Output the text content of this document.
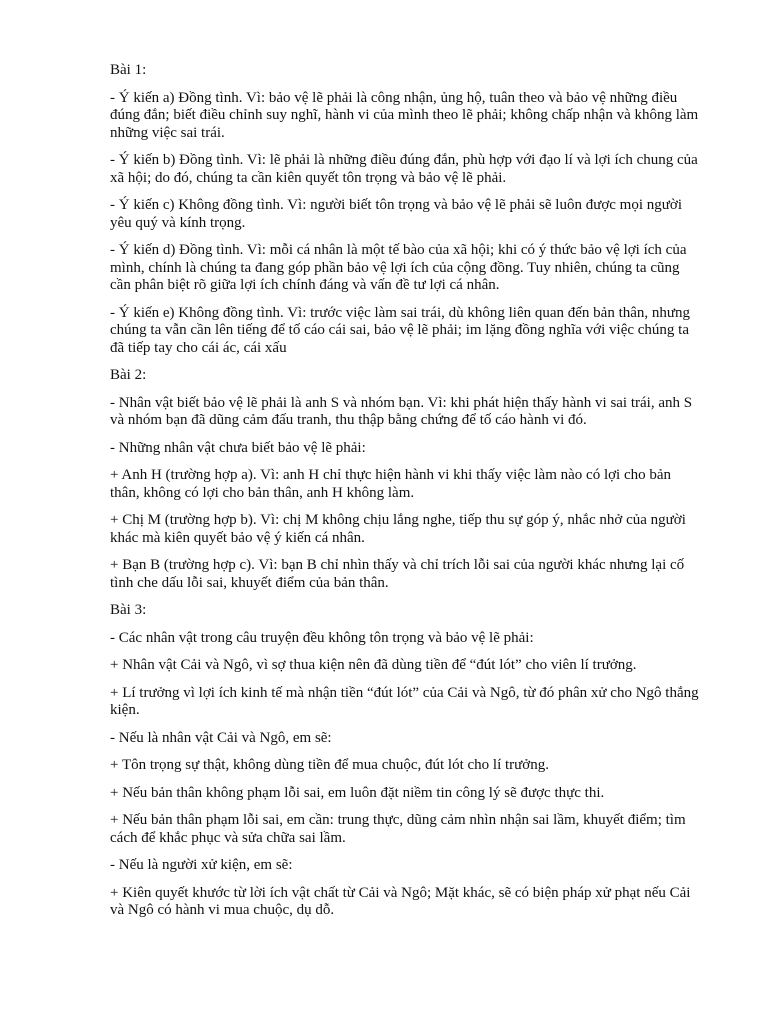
Bài 1:

- Ý kiến a) Đồng tình. Vì: bảo vệ lẽ phải là công nhận, ủng hộ, tuân theo và bảo vệ những điều đúng đắn; biết điều chỉnh suy nghĩ, hành vi của mình theo lẽ phải; không chấp nhận và không làm những việc sai trái.

- Ý kiến b) Đồng tình. Vì: lẽ phải là những điều đúng đắn, phù hợp với đạo lí và lợi ích chung của xã hội; do đó, chúng ta cần kiên quyết tôn trọng và bảo vệ lẽ phải.

- Ý kiến c) Không đồng tình. Vì: người biết tôn trọng và bảo vệ lẽ phải sẽ luôn được mọi người yêu quý và kính trọng.

- Ý kiến d) Đồng tình. Vì: mỗi cá nhân là một tế bào của xã hội; khi có ý thức bảo vệ lợi ích của mình, chính là chúng ta đang góp phần bảo vệ lợi ích của cộng đồng. Tuy nhiên, chúng ta cũng cần phân biệt rõ giữa lợi ích chính đáng và vấn đề tư lợi cá nhân.

- Ý kiến e) Không đồng tình. Vì: trước việc làm sai trái, dù không liên quan đến bản thân, nhưng chúng ta vẫn cần lên tiếng để tố cáo cái sai, bảo vệ lẽ phải; im lặng đồng nghĩa với việc chúng ta đã tiếp tay cho cái ác, cái xấu

Bài 2:

- Nhân vật biết bảo vệ lẽ phải là anh S và nhóm bạn. Vì: khi phát hiện thấy hành vi sai trái, anh S và nhóm bạn đã dũng cảm đấu tranh, thu thập bằng chứng để tố cáo hành vi đó.

- Những nhân vật chưa biết bảo vệ lẽ phải:

+ Anh H (trường hợp a). Vì: anh H chỉ thực hiện hành vi khi thấy việc làm nào có lợi cho bản thân, không có lợi cho bản thân, anh H không làm.

+ Chị M (trường hợp b). Vì: chị M không chịu lắng nghe, tiếp thu sự góp ý, nhắc nhở của người khác mà kiên quyết bảo vệ ý kiến cá nhân.

+ Bạn B (trường hợp c). Vì: bạn B chỉ nhìn thấy và chỉ trích lỗi sai của người khác nhưng lại cố tình che dấu lỗi sai, khuyết điểm của bản thân.

Bài 3:

- Các nhân vật trong câu truyện đều không tôn trọng và bảo vệ lẽ phải:

+ Nhân vật Cải và Ngô, vì sợ thua kiện nên đã dùng tiền để “đút lót” cho viên lí trưởng.

+ Lí trưởng vì lợi ích kinh tế mà nhận tiền “đút lót” của Cải và Ngô, từ đó phân xử cho Ngô thắng kiện.

- Nếu là nhân vật Cải và Ngô, em sẽ:

+ Tôn trọng sự thật, không dùng tiền để mua chuộc, đút lót cho lí trưởng.

+ Nếu bản thân không phạm lỗi sai, em luôn đặt niềm tin công lý sẽ được thực thi.

+ Nếu bản thân phạm lỗi sai, em cần: trung thực, dũng cảm nhìn nhận sai lầm, khuyết điểm; tìm cách để khắc phục và sửa chữa sai lầm.

- Nếu là người xử kiện, em sẽ:

+ Kiên quyết khước từ lời ích vật chất từ Cải và Ngô; Mặt khác, sẽ có biện pháp xử phạt nếu Cải và Ngô có hành vi mua chuộc, dụ dỗ.
